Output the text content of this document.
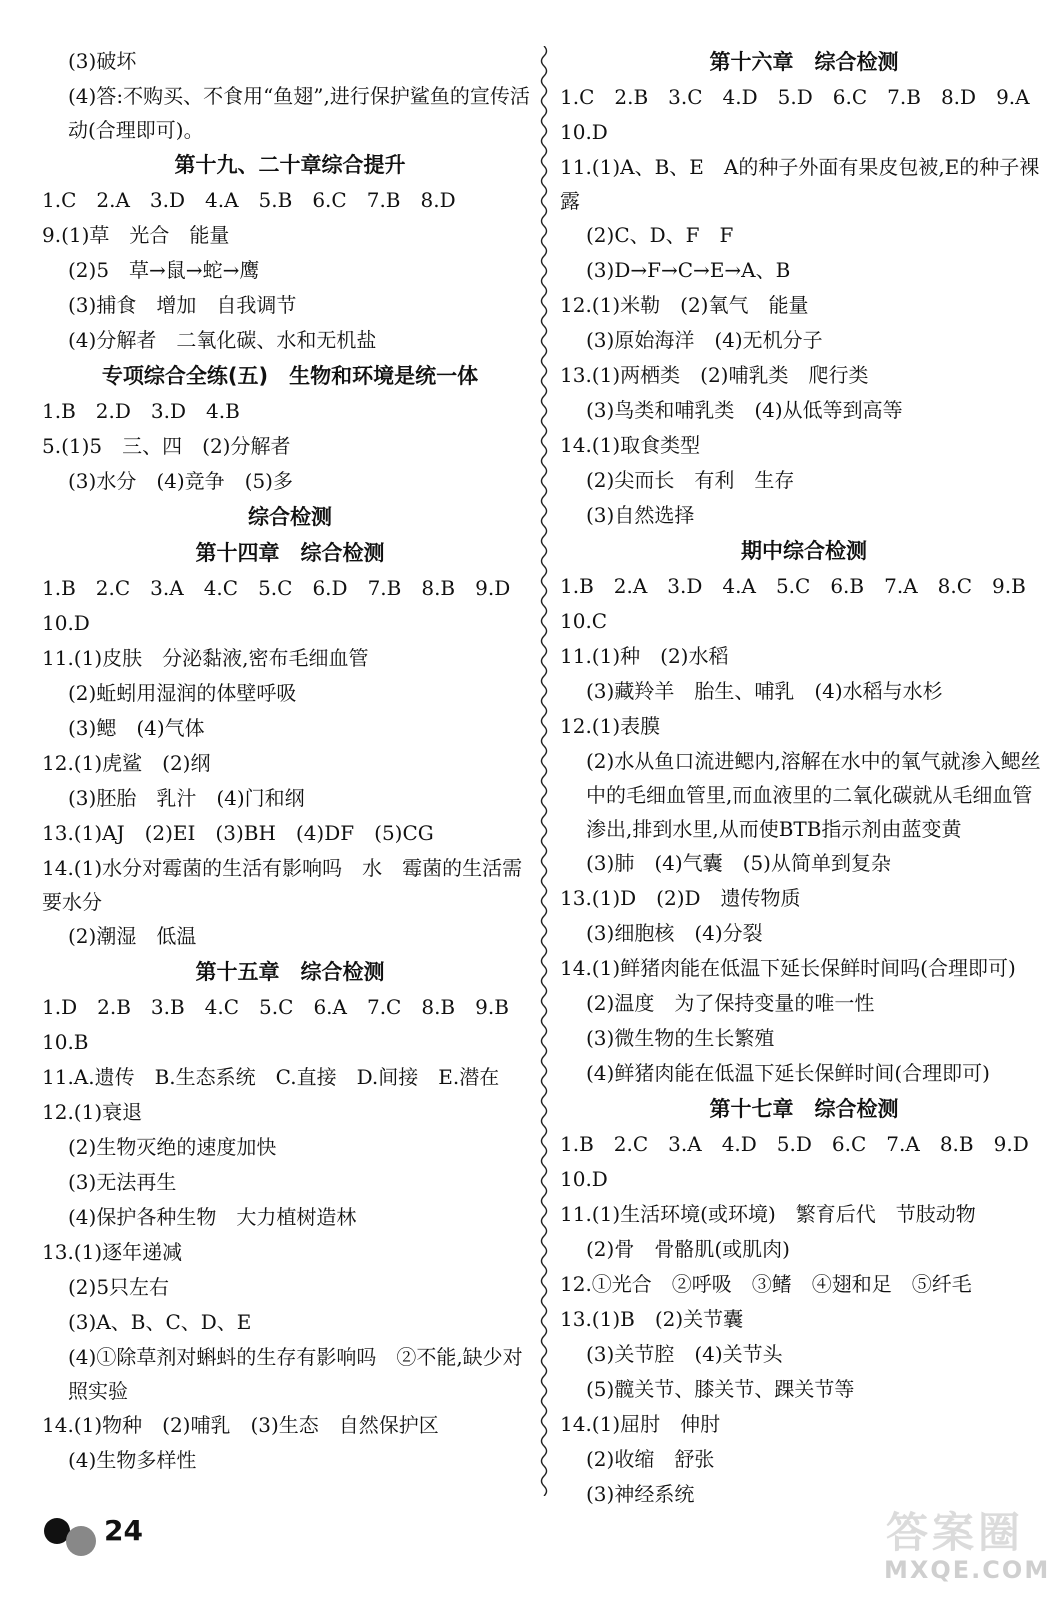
(3)破坏
(4)答:不购买、不食用“鱼翅”,进行保护鲨鱼的宣传活动(合理即可)。
第十九、二十章综合提升
1.C　2.A　3.D　4.A　5.B　6.C　7.B　8.D
9.(1)草　光合　能量
(2)5　草→鼠→蛇→鹰
(3)捕食　增加　自我调节
(4)分解者　二氧化碳、水和无机盐
专项综合全练(五)　生物和环境是统一体
1.B　2.D　3.D　4.B
5.(1)5　三、四　(2)分解者
(3)水分　(4)竞争　(5)多
综合检测
第十四章　综合检测
1.B　2.C　3.A　4.C　5.C　6.D　7.B　8.B　9.D
10.D
11.(1)皮肤　分泌黏液,密布毛细血管
(2)蚯蚓用湿润的体壁呼吸
(3)鳃　(4)气体
12.(1)虎鲨　(2)纲
(3)胚胎　乳汁　(4)门和纲
13.(1)AJ　(2)EI　(3)BH　(4)DF　(5)CG
14.(1)水分对霉菌的生活有影响吗　水　霉菌的生活需要水分
(2)潮湿　低温
第十五章　综合检测
1.D　2.B　3.B　4.C　5.C　6.A　7.C　8.B　9.B
10.B
11.A.遗传　B.生态系统　C.直接　D.间接　E.潜在
12.(1)衰退
(2)生物灭绝的速度加快
(3)无法再生
(4)保护各种生物　大力植树造林
13.(1)逐年递减
(2)5只左右
(3)A、B、C、D、E
(4)①除草剂对蝌蚪的生存有影响吗　②不能,缺少对照实验
14.(1)物种　(2)哺乳　(3)生态　自然保护区
(4)生物多样性
第十六章　综合检测
1.C　2.B　3.C　4.D　5.D　6.C　7.B　8.D　9.A
10.D
11.(1)A、B、E　A的种子外面有果皮包被,E的种子裸露
(2)C、D、F　F
(3)D→F→C→E→A、B
12.(1)米勒　(2)氧气　能量
(3)原始海洋　(4)无机分子
13.(1)两栖类　(2)哺乳类　爬行类
(3)鸟类和哺乳类　(4)从低等到高等
14.(1)取食类型
(2)尖而长　有利　生存
(3)自然选择
期中综合检测
1.B　2.A　3.D　4.A　5.C　6.B　7.A　8.C　9.B
10.C
11.(1)种　(2)水稻
(3)藏羚羊　胎生、哺乳　(4)水稻与水杉
12.(1)表膜
(2)水从鱼口流进鳃内,溶解在水中的氧气就渗入鳃丝中的毛细血管里,而血液里的二氧化碳就从毛细血管渗出,排到水里,从而使BTB指示剂由蓝变黄
(3)肺　(4)气囊　(5)从简单到复杂
13.(1)D　(2)D　遗传物质
(3)细胞核　(4)分裂
14.(1)鲜猪肉能在低温下延长保鲜时间吗(合理即可)
(2)温度　为了保持变量的唯一性
(3)微生物的生长繁殖
(4)鲜猪肉能在低温下延长保鲜时间(合理即可)
第十七章　综合检测
1.B　2.C　3.A　4.D　5.D　6.C　7.A　8.B　9.D
10.D
11.(1)生活环境(或环境)　繁育后代　节肢动物
(2)骨　骨骼肌(或肌肉)
12.①光合　②呼吸　③鳍　④翅和足　⑤纤毛
13.(1)B　(2)关节囊
(3)关节腔　(4)关节头
(5)髋关节、膝关节、踝关节等
14.(1)屈肘　伸肘
(2)收缩　舒张
(3)神经系统
24	答案圈
MXQE.COM
